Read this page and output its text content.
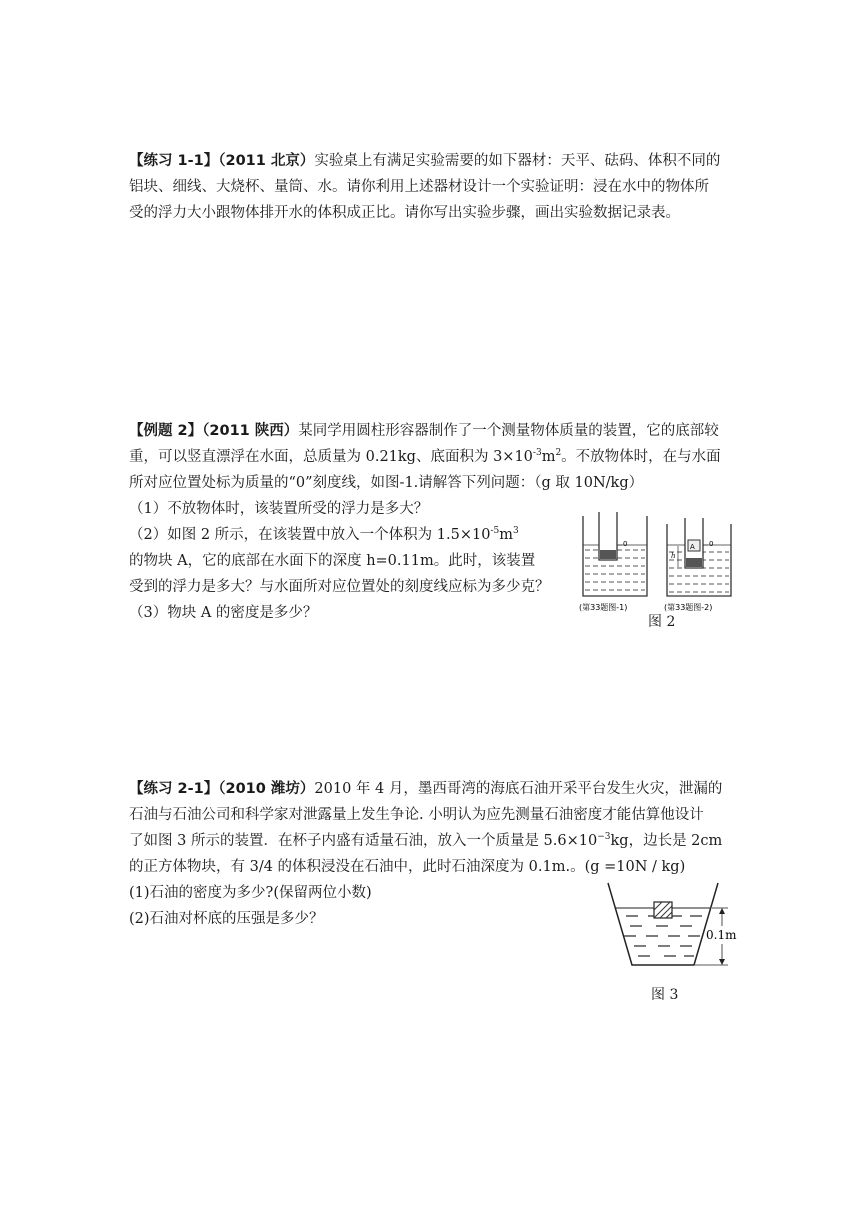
【练习 1-1】（2011 北京）实验桌上有满足实验需要的如下器材：天平、砝码、体积不同的
铝块、细线、大烧杯、量筒、水。请你利用上述器材设计一个实验证明：浸在水中的物体所
受的浮力大小跟物体排开水的体积成正比。请你写出实验步骤，画出实验数据记录表。
【例题 2】（2011 陕西）某同学用圆柱形容器制作了一个测量物体质量的装置，它的底部较
重，可以竖直漂浮在水面，总质量为 0.21kg、底面积为 $3\times 10^{-3}m^2$。不放物体时，在与水面
所对应位置处标为质量的“0”刻度线，如图-1.请解答下列问题：（g 取 10N/kg）
（1）不放物体时，该装置所受的浮力是多大？
（2）如图 2 所示，在该装置中放入一个体积为 $1.5\times 10^{-5}m^3$
的物块 A，它的底部在水面下的深度 h=0.11m。此时，该装置
受到的浮力是多大？与水面所对应位置处的刻度线应标为多少克？
（3）物块 A 的密度是多少？
0	A
h
0
(第33题图-1)	(第33题图-2)
图 2
【练习 2-1】（2010 潍坊）2010 年 4 月，墨西哥湾的海底石油开采平台发生火灾，泄漏的
石油与石油公司和科学家对泄露量上发生争论. 小明认为应先测量石油密度才能估算他设计
了如图 3 所示的装置．在杯子内盛有适量石油，放入一个质量是 $5.6\times 10^{-3}kg$，边长是 2cm
的正方体物块，有 3/4 的体积浸没在石油中，此时石油深度为 0.1m.。(g =10N / kg)
(1)石油的密度为多少?(保留两位小数)
(2)石油对杯底的压强是多少？
0.1m
图 3
